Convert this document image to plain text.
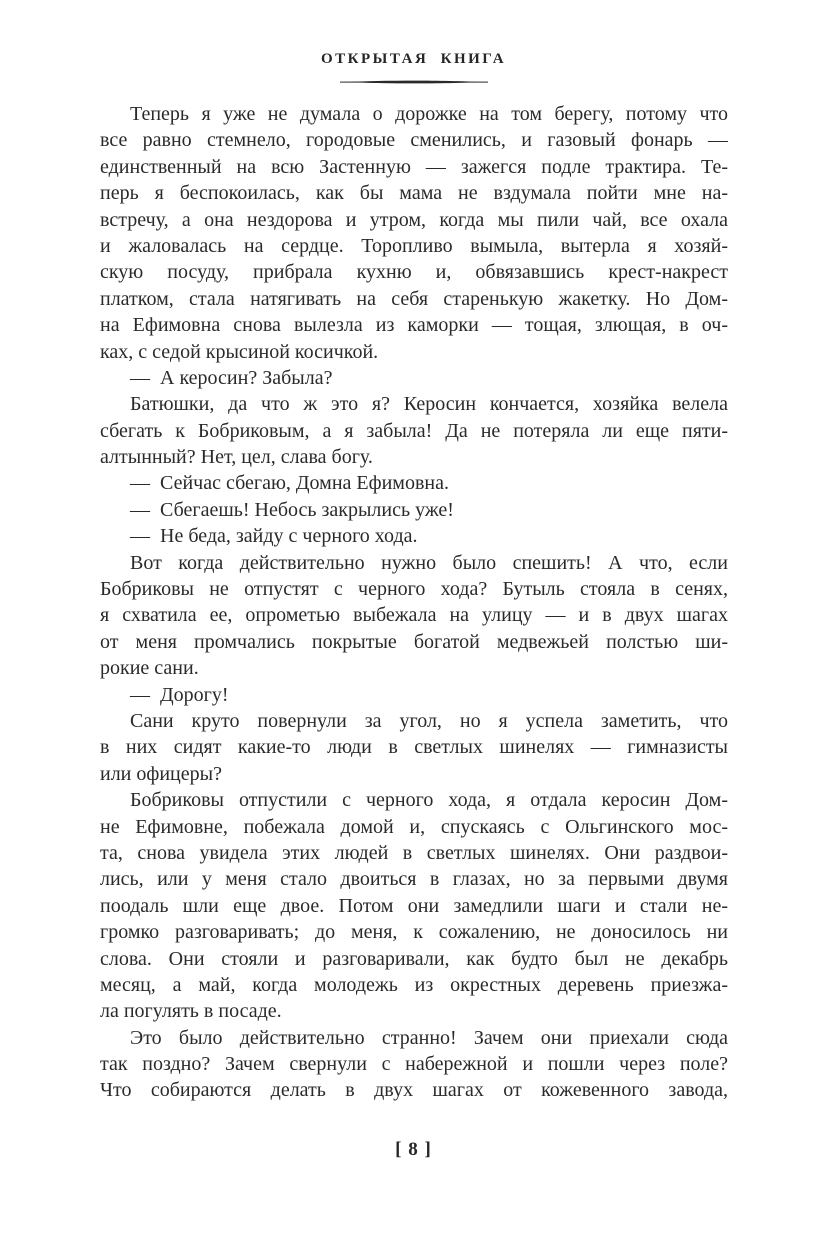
ОТКРЫТАЯ КНИГА
Теперь я уже не думала о дорожке на том берегу, потому что
все равно стемнело, городовые сменились, и газовый фонарь —
единственный на всю Застенную — зажегся подле трактира. Те-
перь я беспокоилась, как бы мама не вздумала пойти мне на-
встречу, а она нездорова и утром, когда мы пили чай, все охала
и жаловалась на сердце. Торопливо вымыла, вытерла я хозяй-
скую посуду, прибрала кухню и, обвязавшись крест-накрест
платком, стала натягивать на себя старенькую жакетку. Но Дом-
на Ефимовна снова вылезла из каморки — тощая, злющая, в оч-
ках, с седой крысиной косичкой.
— А керосин? Забыла?
Батюшки, да что ж это я? Керосин кончается, хозяйка велела
сбегать к Бобриковым, а я забыла! Да не потеряла ли еще пяти-
алтынный? Нет, цел, слава богу.
— Сейчас сбегаю, Домна Ефимовна.
— Сбегаешь! Небось закрылись уже!
— Не беда, зайду с черного хода.
Вот когда действительно нужно было спешить! А что, если
Бобриковы не отпустят с черного хода? Бутыль стояла в сенях,
я схватила ее, опрометью выбежала на улицу — и в двух шагах
от меня промчались покрытые богатой медвежьей полстью ши-
рокие сани.
— Дорогу!
Сани круто повернули за угол, но я успела заметить, что
в них сидят какие-то люди в светлых шинелях — гимназисты
или офицеры?
Бобриковы отпустили с черного хода, я отдала керосин Дом-
не Ефимовне, побежала домой и, спускаясь с Ольгинского мос-
та, снова увидела этих людей в светлых шинелях. Они раздвои-
лись, или у меня стало двоиться в глазах, но за первыми двумя
поодаль шли еще двое. Потом они замедлили шаги и стали не-
громко разговаривать; до меня, к сожалению, не доносилось ни
слова. Они стояли и разговаривали, как будто был не декабрь
месяц, а май, когда молодежь из окрестных деревень приезжа-
ла погулять в посаде.
Это было действительно странно! Зачем они приехали сюда
так поздно? Зачем свернули с набережной и пошли через поле?
Что собираются делать в двух шагах от кожевенного завода,
[ 8 ]
